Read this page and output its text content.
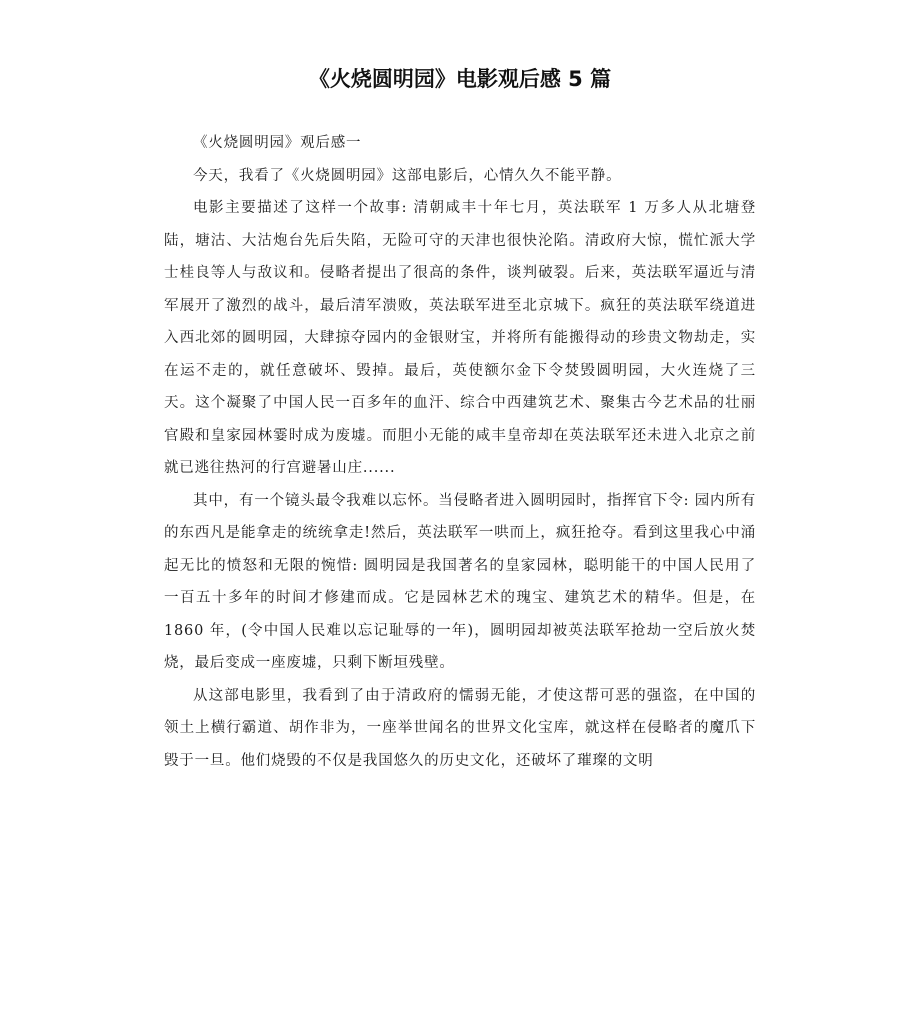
《火烧圆明园》电影观后感 5 篇

《火烧圆明园》观后感一

今天，我看了《火烧圆明园》这部电影后，心情久久不能平静。

电影主要描述了这样一个故事: 清朝咸丰十年七月，英法联军 1 万多人从北塘登陆，塘沽、大沽炮台先后失陷，无险可守的天津也很快沦陷。清政府大惊，慌忙派大学士桂良等人与敌议和。侵略者提出了很高的条件，谈判破裂。后来，英法联军逼近与清军展开了激烈的战斗，最后清军溃败，英法联军进至北京城下。疯狂的英法联军绕道进入西北郊的圆明园，大肆掠夺园内的金银财宝，并将所有能搬得动的珍贵文物劫走，实在运不走的，就任意破坏、毁掉。最后，英使额尔金下令焚毁圆明园，大火连烧了三天。这个凝聚了中国人民一百多年的血汗、综合中西建筑艺术、聚集古今艺术品的壮丽官殿和皇家园林霎时成为废墟。而胆小无能的咸丰皇帝却在英法联军还未进入北京之前就已逃往热河的行宫避暑山庄......

其中，有一个镜头最令我难以忘怀。当侵略者进入圆明园时，指挥官下令: 园内所有的东西凡是能拿走的统统拿走!然后，英法联军一哄而上，疯狂抢夺。看到这里我心中涌起无比的愤怒和无限的惋惜: 圆明园是我国著名的皇家园林，聪明能干的中国人民用了一百五十多年的时间才修建而成。它是园林艺术的瑰宝、建筑艺术的精华。但是，在 1860 年，(令中国人民难以忘记耻辱的一年)，圆明园却被英法联军抢劫一空后放火焚烧，最后变成一座废墟，只剩下断垣残壁。

从这部电影里，我看到了由于清政府的懦弱无能，才使这帮可恶的强盗，在中国的领土上横行霸道、胡作非为，一座举世闻名的世界文化宝库，就这样在侵略者的魔爪下毁于一旦。他们烧毁的不仅是我国悠久的历史文化，还破坏了璀璨的文明
